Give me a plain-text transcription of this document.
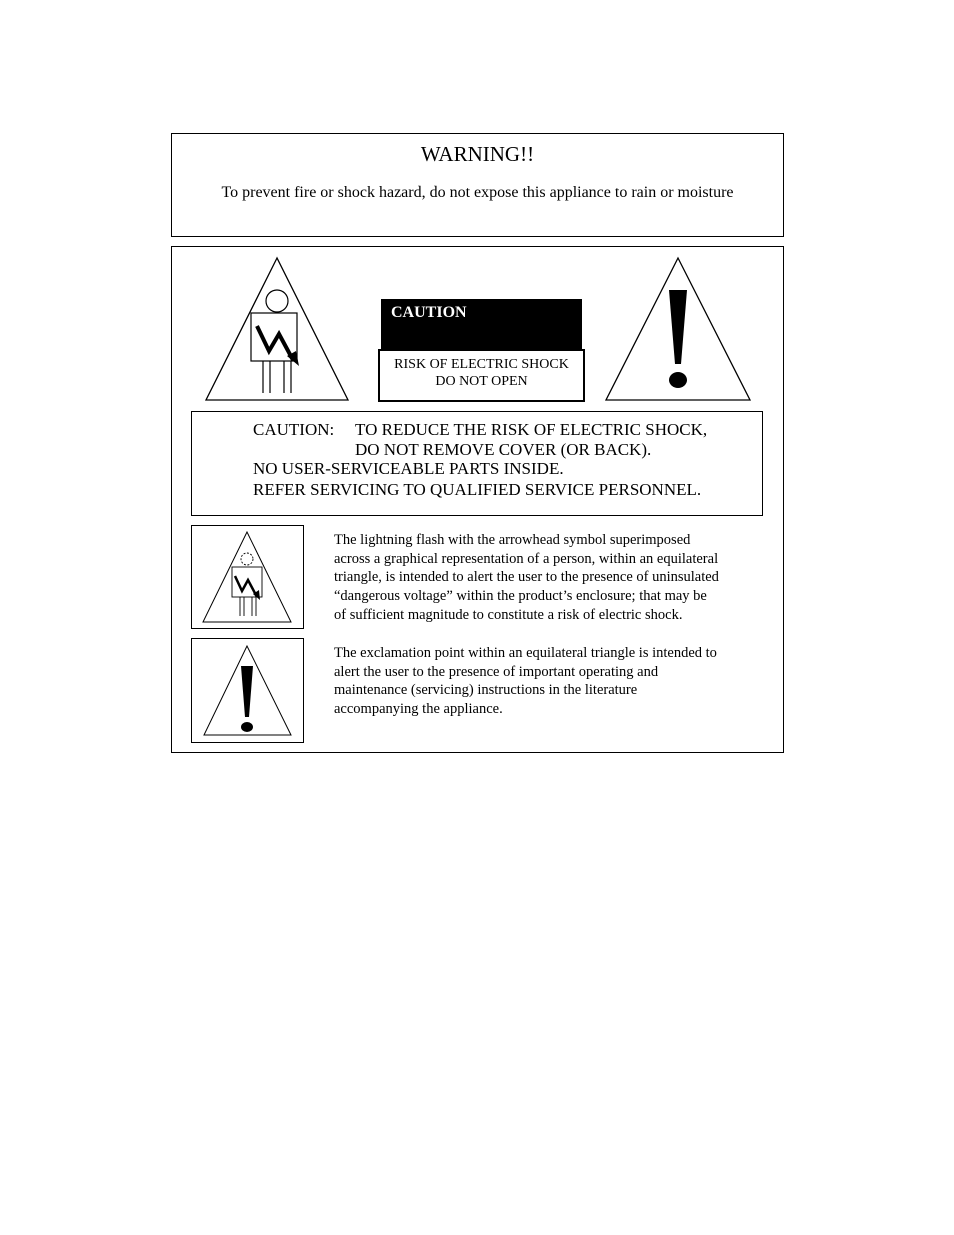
WARNING!!
To prevent fire or shock hazard, do not expose this appliance to rain or moisture
CAUTION
RISK OF ELECTRIC SHOCK
DO NOT OPEN
CAUTION: TO REDUCE THE RISK OF ELECTRIC SHOCK,
DO NOT REMOVE COVER (OR BACK).
NO USER-SERVICEABLE PARTS INSIDE.
REFER SERVICING TO QUALIFIED SERVICE PERSONNEL.
The lightning flash with the arrowhead symbol superimposed
across a graphical representation of a person, within an equilateral
triangle, is intended to alert the user to the presence of uninsulated
“dangerous voltage” within the product’s enclosure; that may be
of sufficient magnitude to constitute a risk of electric shock.
The exclamation point within an equilateral triangle is intended to
alert the user to the presence of important operating and
maintenance (servicing) instructions in the literature
accompanying the appliance.
